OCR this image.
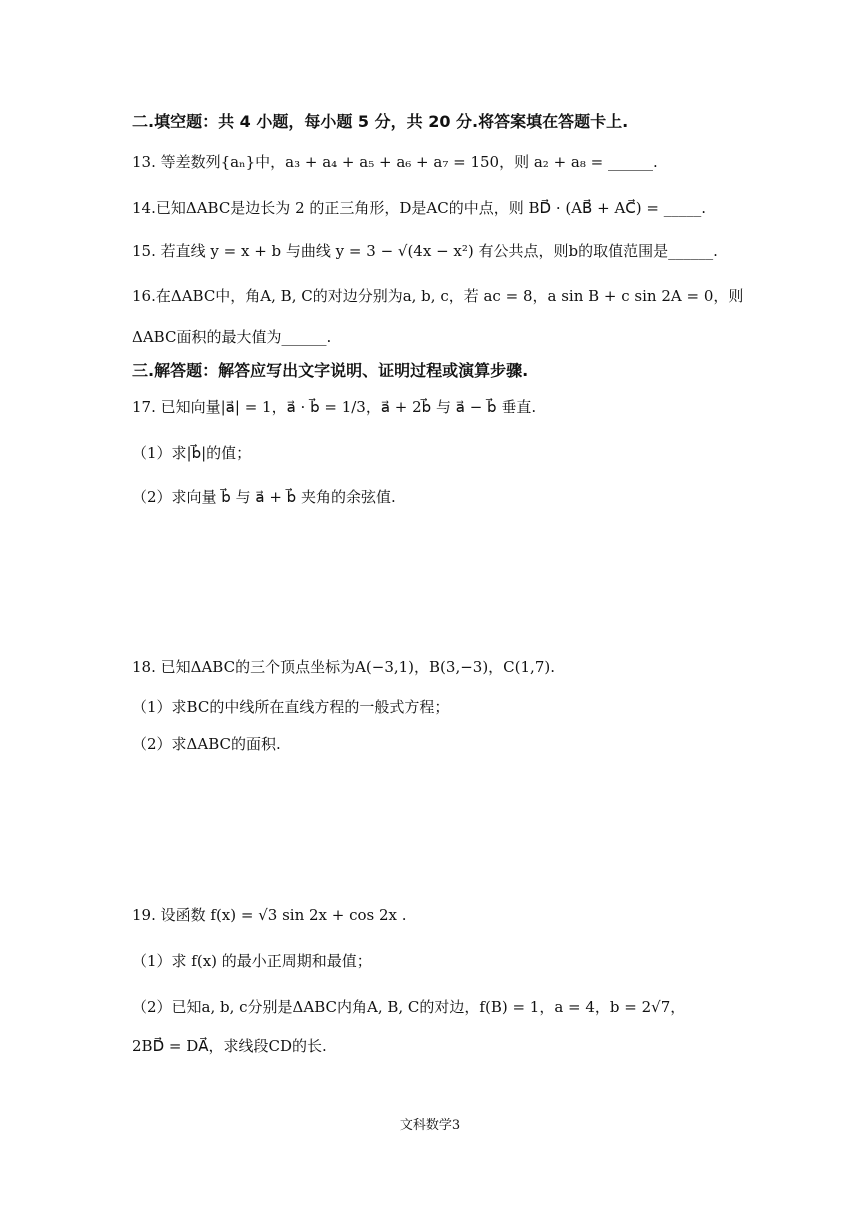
二.填空题：共 4 小题，每小题 5 分，共 20 分.将答案填在答题卡上.
13. 等差数列{aₙ}中，a₃ + a₄ + a₅ + a₆ + a₇ = 150，则 a₂ + a₈ = ______.
14.已知ΔABC是边长为 2 的正三角形，D是AC的中点，则 BD⃗ · (AB⃗ + AC⃗) = _____.
15. 若直线 y = x + b 与曲线 y = 3 − √(4x − x²) 有公共点，则b的取值范围是______.
16.在ΔABC中，角A, B, C的对边分别为a, b, c，若 ac = 8，a sin B + c sin 2A = 0，则
ΔABC面积的最大值为______.
三.解答题：解答应写出文字说明、证明过程或演算步骤.
17. 已知向量|a⃗| = 1，a⃗ · b⃗ = 1/3，a⃗ + 2b⃗ 与 a⃗ − b⃗ 垂直.
（1）求|b⃗|的值；
（2）求向量 b⃗ 与 a⃗ + b⃗ 夹角的余弦值.
18. 已知ΔABC的三个顶点坐标为A(−3,1)，B(3,−3)，C(1,7).
（1）求BC的中线所在直线方程的一般式方程；
（2）求ΔABC的面积.
19. 设函数 f(x) = √3 sin 2x + cos 2x .
（1）求 f(x) 的最小正周期和最值；
（2）已知a, b, c分别是ΔABC内角A, B, C的对边，f(B) = 1，a = 4，b = 2√7，
2BD⃗ = DA⃗，求线段CD的长.
文科数学3
